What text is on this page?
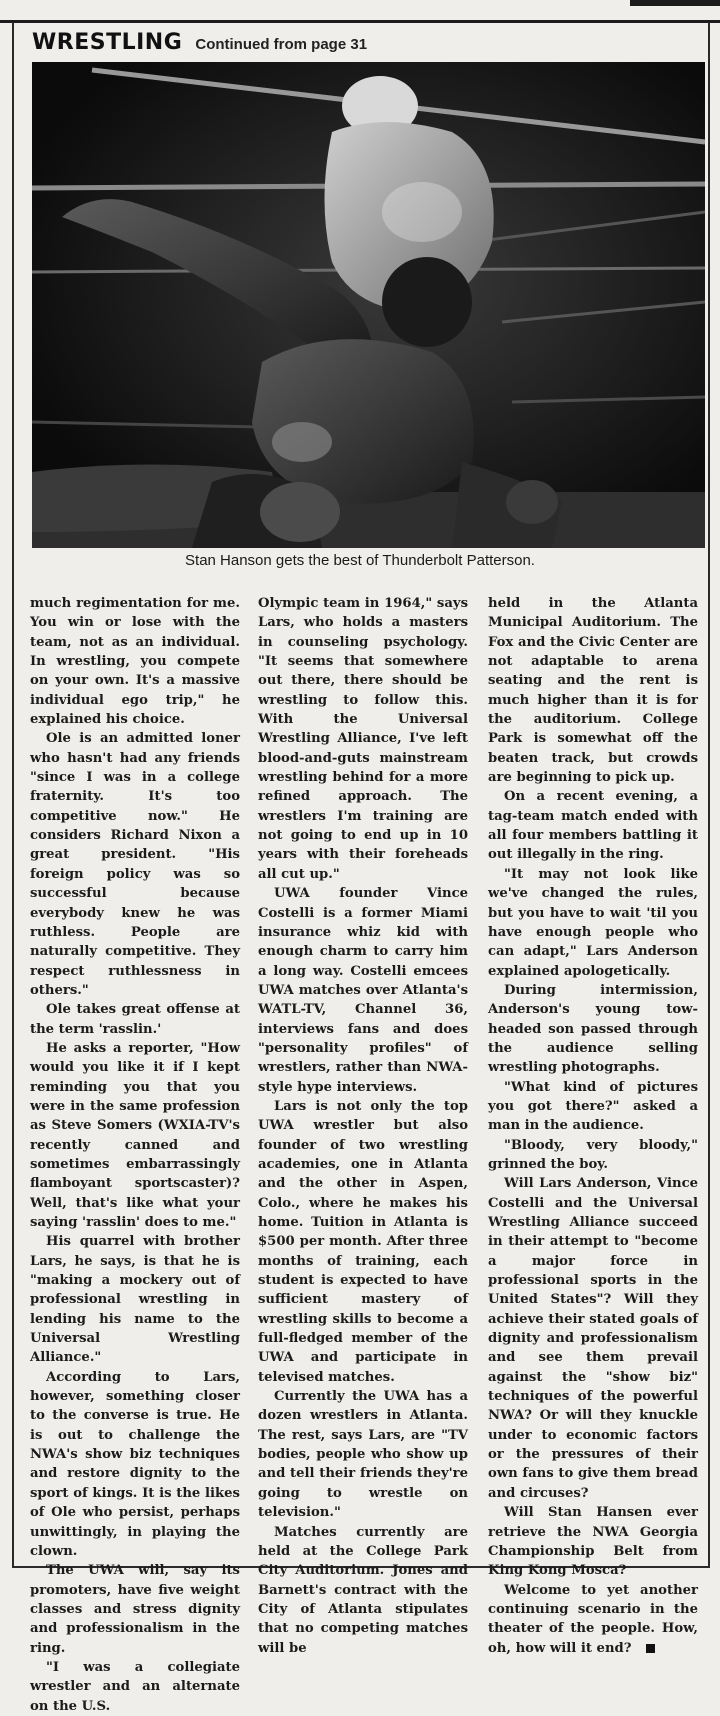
WRESTLING Continued from page 31
Stan Hanson gets the best of Thunderbolt Patterson.

much regimentation for me. You win or lose with the team, not as an individual. In wrestling, you compete on your own. It's a massive individual ego trip," he explained his choice.

Ole is an admitted loner who hasn't had any friends "since I was in a college fraternity. It's too competitive now." He considers Richard Nixon a great president. "His foreign policy was so successful because everybody knew he was ruthless. People are naturally competitive. They respect ruthlessness in others."

Ole takes great offense at the term 'rasslin.'

He asks a reporter, "How would you like it if I kept reminding you that you were in the same profession as Steve Somers (WXIA-TV's recently canned and sometimes embarrassingly flamboyant sportscaster)? Well, that's like what your saying 'rasslin' does to me."

His quarrel with brother Lars, he says, is that he is "making a mockery out of professional wrestling in lending his name to the Universal Wrestling Alliance."

According to Lars, however, something closer to the converse is true. He is out to challenge the NWA's show biz techniques and restore dignity to the sport of kings. It is the likes of Ole who persist, perhaps unwittingly, in playing the clown.

The UWA will, say its promoters, have five weight classes and stress dignity and professionalism in the ring.

"I was a collegiate wrestler and an alternate on the U.S.

Olympic team in 1964," says Lars, who holds a masters in counseling psychology. "It seems that somewhere out there, there should be wrestling to follow this. With the Universal Wrestling Alliance, I've left blood-and-guts mainstream wrestling behind for a more refined approach. The wrestlers I'm training are not going to end up in 10 years with their foreheads all cut up."

UWA founder Vince Costelli is a former Miami insurance whiz kid with enough charm to carry him a long way. Costelli emcees UWA matches over Atlanta's WATL-TV, Channel 36, interviews fans and does "personality profiles" of wrestlers, rather than NWA-style hype interviews.

Lars is not only the top UWA wrestler but also founder of two wrestling academies, one in Atlanta and the other in Aspen, Colo., where he makes his home. Tuition in Atlanta is $500 per month. After three months of training, each student is expected to have sufficient mastery of wrestling skills to become a full-fledged member of the UWA and participate in televised matches.

Currently the UWA has a dozen wrestlers in Atlanta. The rest, says Lars, are "TV bodies, people who show up and tell their friends they're going to wrestle on television."

Matches currently are held at the College Park City Auditorium. Jones and Barnett's contract with the City of Atlanta stipulates that no competing matches will be

held in the Atlanta Municipal Auditorium. The Fox and the Civic Center are not adaptable to arena seating and the rent is much higher than it is for the auditorium. College Park is somewhat off the beaten track, but crowds are beginning to pick up.

On a recent evening, a tag-team match ended with all four members battling it out illegally in the ring.

"It may not look like we've changed the rules, but you have to wait 'til you have enough people who can adapt," Lars Anderson explained apologetically.

During intermission, Anderson's young tow-headed son passed through the audience selling wrestling photographs.

"What kind of pictures you got there?" asked a man in the audience.

"Bloody, very bloody," grinned the boy.

Will Lars Anderson, Vince Costelli and the Universal Wrestling Alliance succeed in their attempt to "become a major force in professional sports in the United States"? Will they achieve their stated goals of dignity and professionalism and see them prevail against the "show biz" techniques of the powerful NWA? Or will they knuckle under to economic factors or the pressures of their own fans to give them bread and circuses?

Will Stan Hansen ever retrieve the NWA Georgia Championship Belt from King Kong Mosca?

Welcome to yet another continuing scenario in the theater of the people. How, oh, how will it end?
